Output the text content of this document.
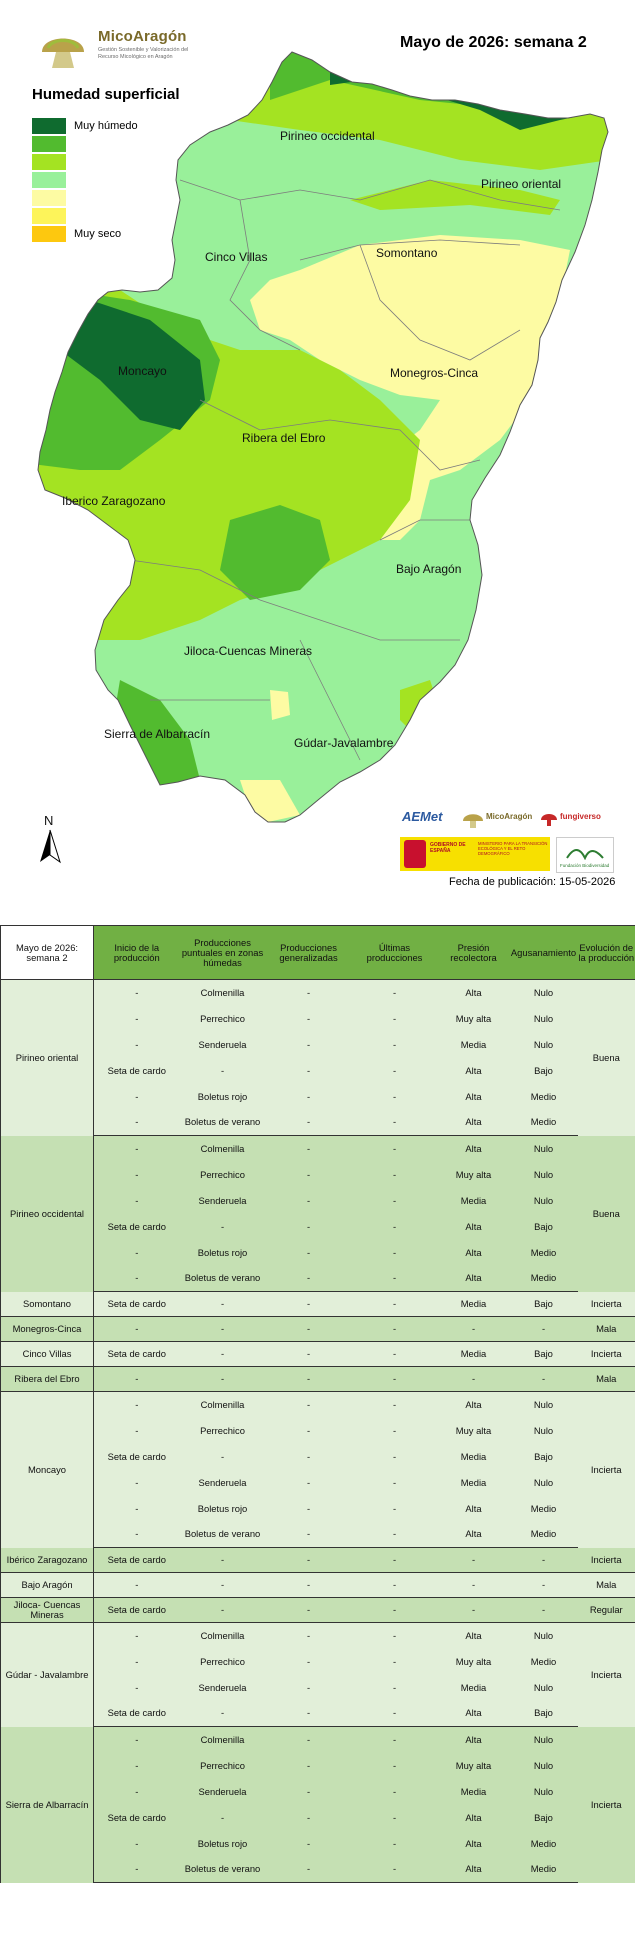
MicoAragón
Gestión Sostenible y Valorización del Recurso Micológico en Aragón
Mayo de 2026: semana 2
Humedad superficial
Muy húmedo
Muy seco
Pirineo occidental
Pirineo oriental
Cinco Villas	Somontano
Monegros-Cinca
Moncayo
Ribera del Ebro
Iberico Zaragozano
Bajo Aragón
Jiloca-Cuencas Mineras
Sierra de Albarracín
Gúdar-Javalambre
N	AEMet	MicoAragón	fungiverso
GOBIERNO DE ESPAÑA
MINISTERIO PARA LA TRANSICIÓN ECOLÓGICA Y EL RETO DEMOGRÁFICO
Fundación Biodiversidad
Fecha de publicación: 15-05-2026
Mayo de 2026: semana 2	Inicio de la producción	Producciones puntuales en zonas húmedas	Producciones generalizadas	Últimas producciones	Presión recolectora	Agusanamiento	Evolución de la producción
Pirineo oriental	-	Colmenilla	-	-	Alta	Nulo	Buena
	-	Perrechico	-	-	Muy alta	Nulo	
	-	Senderuela	-	-	Media	Nulo	
	Seta de cardo	-	-	-	Alta	Bajo	
	-	Boletus rojo	-	-	Alta	Medio	
	-	Boletus de verano	-	-	Alta	Medio	
Pirineo occidental	-	Colmenilla	-	-	Alta	Nulo	Buena
	-	Perrechico	-	-	Muy alta	Nulo	
	-	Senderuela	-	-	Media	Nulo	
	Seta de cardo	-	-	-	Alta	Bajo	
	-	Boletus rojo	-	-	Alta	Medio	
	-	Boletus de verano	-	-	Alta	Medio	
Somontano	Seta de cardo	-	-	-	Media	Bajo	Incierta
Monegros-Cinca	-	-	-	-	-	-	Mala
Cinco Villas	Seta de cardo	-	-	-	Media	Bajo	Incierta
Ribera del Ebro	-	-	-	-	-	-	Mala
Moncayo	-	Colmenilla	-	-	Alta	Nulo	Incierta
	-	Perrechico	-	-	Muy alta	Nulo	
	Seta de cardo	-	-	-	Media	Bajo	
	-	Senderuela	-	-	Media	Nulo	
	-	Boletus rojo	-	-	Alta	Medio	
	-	Boletus de verano	-	-	Alta	Medio	
Ibérico Zaragozano	Seta de cardo	-	-	-	-	-	Incierta
Bajo Aragón	-	-	-	-	-	-	Mala
Jiloca- Cuencas Mineras	Seta de cardo	-	-	-	-	-	Regular
Gúdar - Javalambre	-	Colmenilla	-	-	Alta	Nulo	Incierta
	-	Perrechico	-	-	Muy alta	Medio	
	-	Senderuela	-	-	Media	Nulo	
	Seta de cardo	-	-	-	Alta	Bajo	
Sierra de Albarracín	-	Colmenilla	-	-	Alta	Nulo	Incierta
	-	Perrechico	-	-	Muy alta	Nulo	
	-	Senderuela	-	-	Media	Nulo	
	Seta de cardo	-	-	-	Alta	Bajo	
	-	Boletus rojo	-	-	Alta	Medio	
	-	Boletus de verano	-	-	Alta	Medio	
